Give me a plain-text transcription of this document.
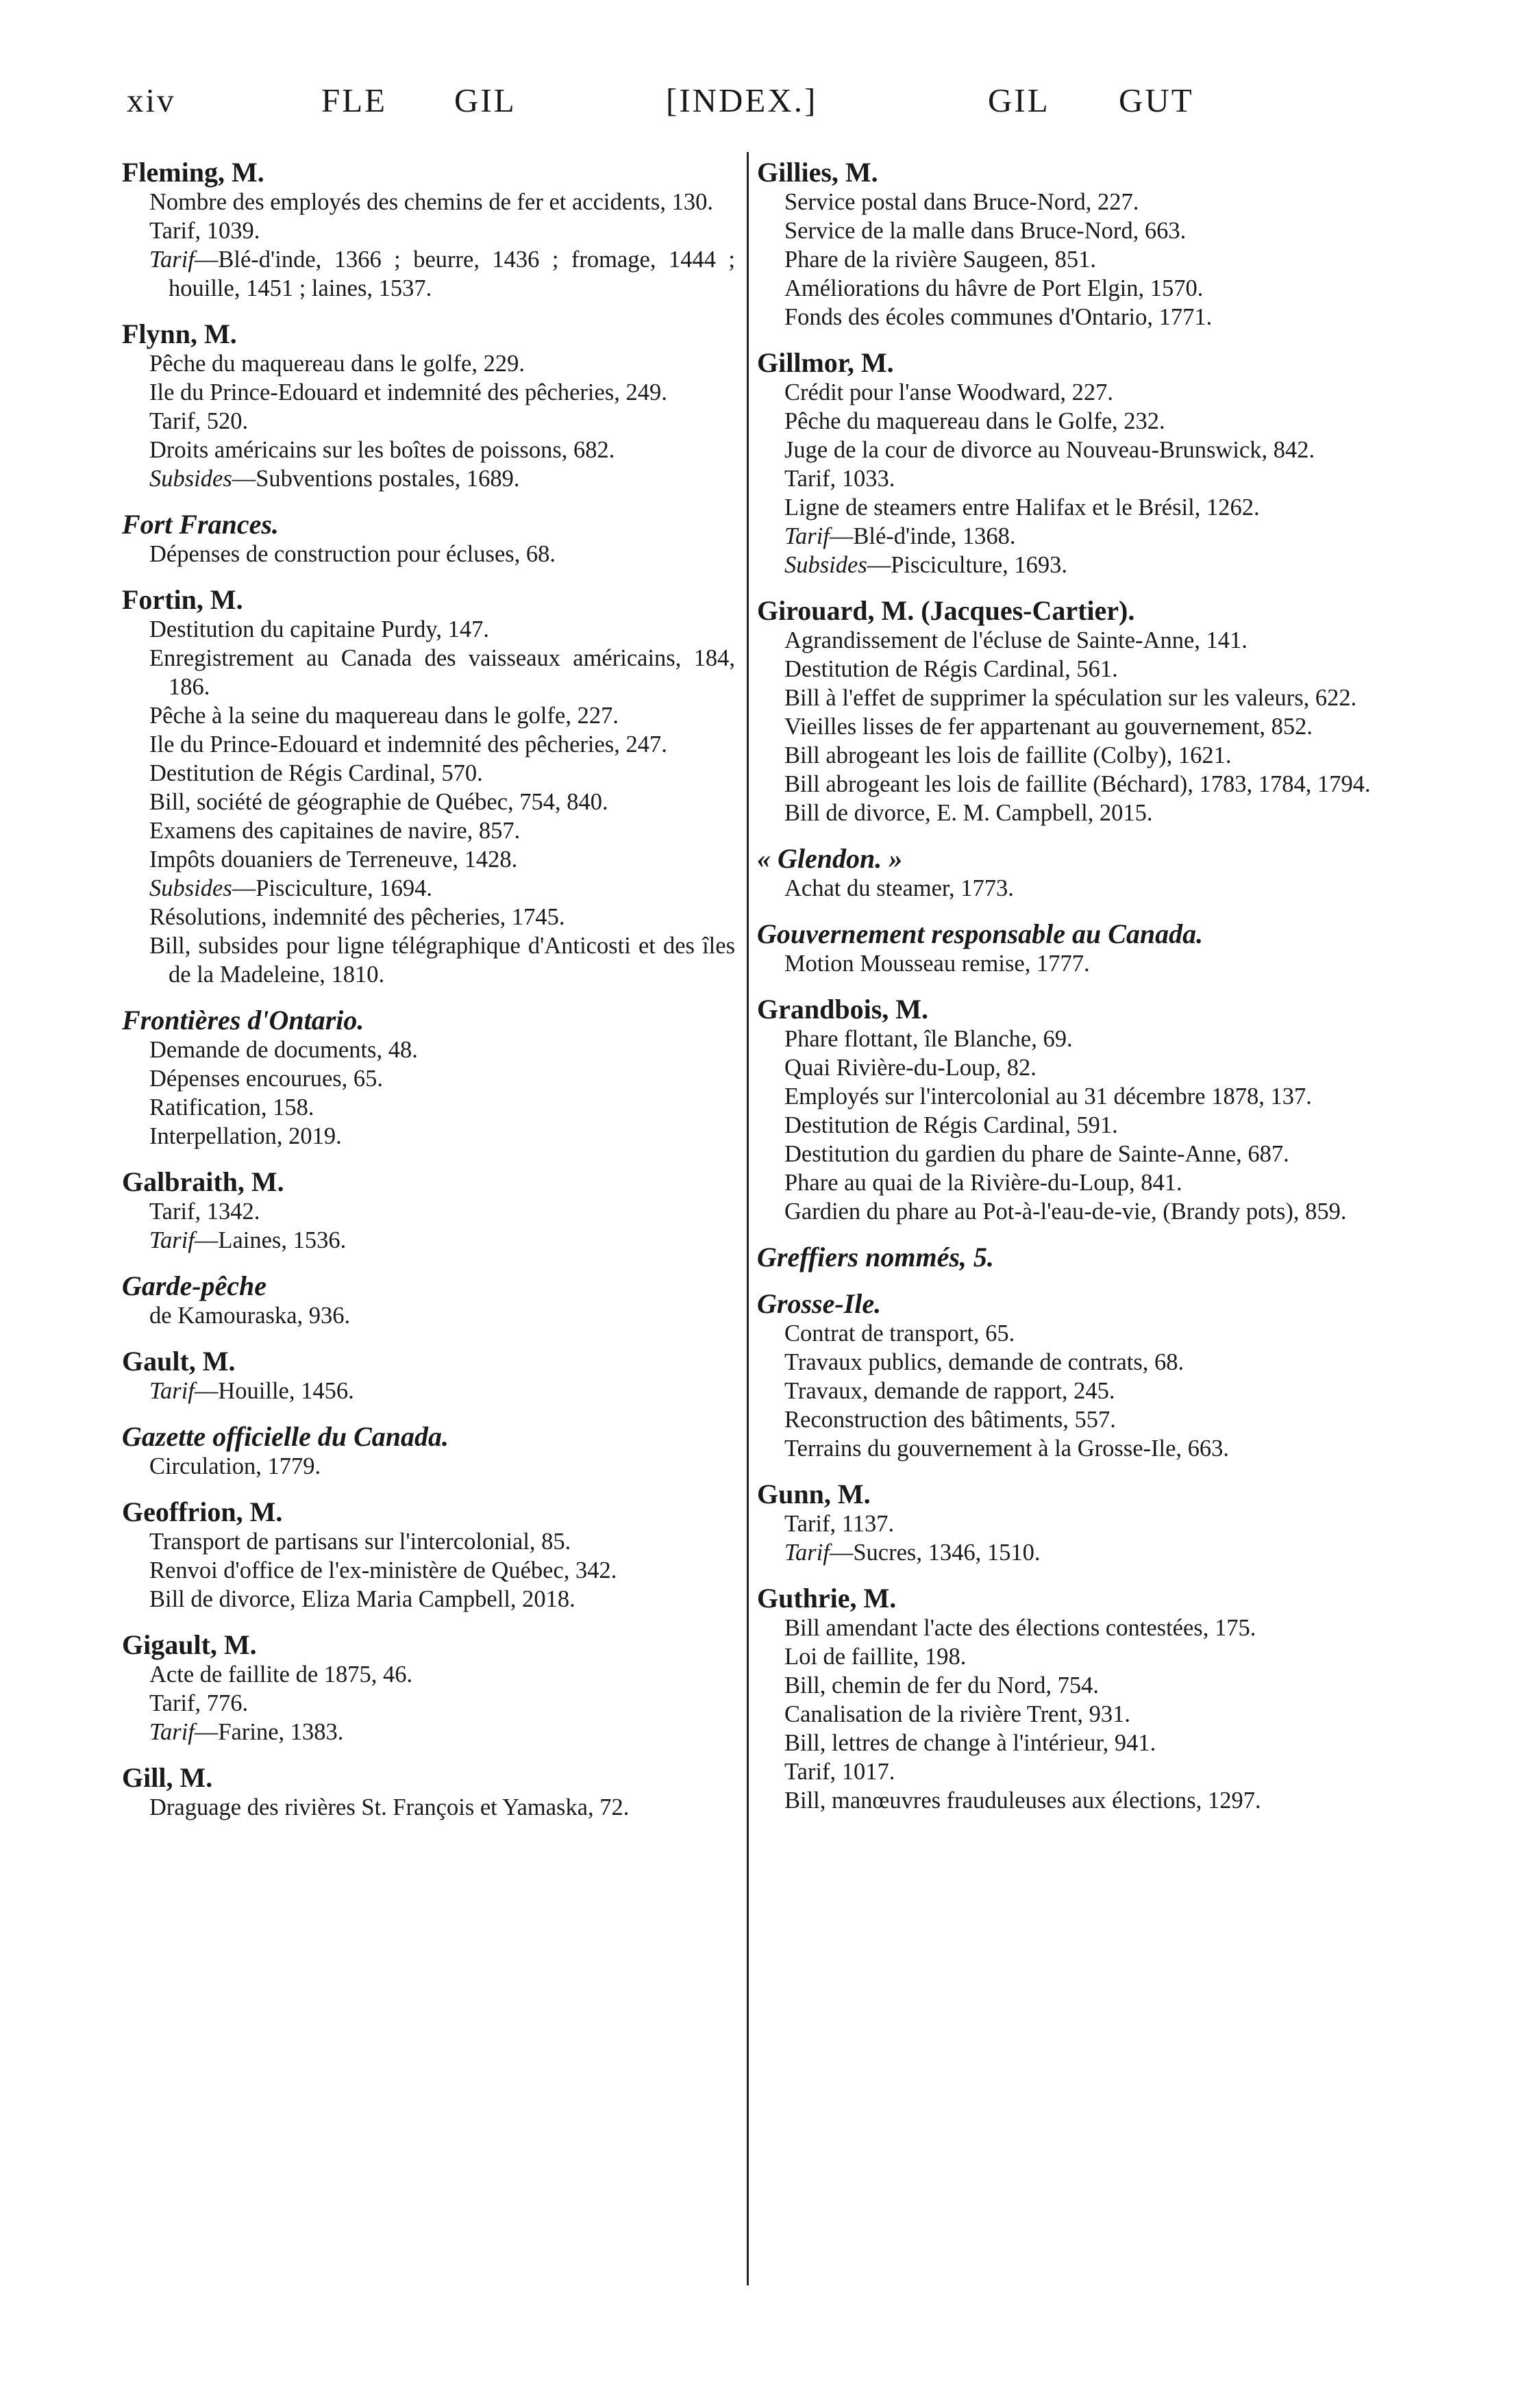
xiv	FLE GIL	[INDEX.]	GIL GUT
Fleming, M.
Nombre des employés des chemins de fer et accidents, 130.
Tarif, 1039.
Tarif—Blé-d'inde, 1366 ; beurre, 1436 ; fromage, 1444 ; houille, 1451 ; laines, 1537.
Flynn, M.
Pêche du maquereau dans le golfe, 229.
Ile du Prince-Edouard et indemnité des pêcheries, 249.
Tarif, 520.
Droits américains sur les boîtes de poissons, 682.
Subsides—Subventions postales, 1689.
Fort Frances.
Dépenses de construction pour écluses, 68.
Fortin, M.
Destitution du capitaine Purdy, 147.
Enregistrement au Canada des vaisseaux américains, 184, 186.
Pêche à la seine du maquereau dans le golfe, 227.
Ile du Prince-Edouard et indemnité des pêcheries, 247.
Destitution de Régis Cardinal, 570.
Bill, société de géographie de Québec, 754, 840.
Examens des capitaines de navire, 857.
Impôts douaniers de Terreneuve, 1428.
Subsides—Pisciculture, 1694.
Résolutions, indemnité des pêcheries, 1745.
Bill, subsides pour ligne télégraphique d'Anticosti et des îles de la Madeleine, 1810.
Frontières d'Ontario.
Demande de documents, 48.
Dépenses encourues, 65.
Ratification, 158.
Interpellation, 2019.
Galbraith, M.
Tarif, 1342.
Tarif—Laines, 1536.
Garde-pêche
de Kamouraska, 936.
Gault, M.
Tarif—Houille, 1456.
Gazette officielle du Canada.
Circulation, 1779.
Geoffrion, M.
Transport de partisans sur l'intercolonial, 85.
Renvoi d'office de l'ex-ministère de Québec, 342.
Bill de divorce, Eliza Maria Campbell, 2018.
Gigault, M.
Acte de faillite de 1875, 46.
Tarif, 776.
Tarif—Farine, 1383.
Gill, M.
Draguage des rivières St. François et Yamaska, 72.
Gillies, M.
Service postal dans Bruce-Nord, 227.
Service de la malle dans Bruce-Nord, 663.
Phare de la rivière Saugeen, 851.
Améliorations du hâvre de Port Elgin, 1570.
Fonds des écoles communes d'Ontario, 1771.
Gillmor, M.
Crédit pour l'anse Woodward, 227.
Pêche du maquereau dans le Golfe, 232.
Juge de la cour de divorce au Nouveau-Brunswick, 842.
Tarif, 1033.
Ligne de steamers entre Halifax et le Brésil, 1262.
Tarif—Blé-d'inde, 1368.
Subsides—Pisciculture, 1693.
Girouard, M. (Jacques-Cartier).
Agrandissement de l'écluse de Sainte-Anne, 141.
Destitution de Régis Cardinal, 561.
Bill à l'effet de supprimer la spéculation sur les valeurs, 622.
Vieilles lisses de fer appartenant au gouvernement, 852.
Bill abrogeant les lois de faillite (Colby), 1621.
Bill abrogeant les lois de faillite (Béchard), 1783, 1784, 1794.
Bill de divorce, E. M. Campbell, 2015.
« Glendon. »
Achat du steamer, 1773.
Gouvernement responsable au Canada.
Motion Mousseau remise, 1777.
Grandbois, M.
Phare flottant, île Blanche, 69.
Quai Rivière-du-Loup, 82.
Employés sur l'intercolonial au 31 décembre 1878, 137.
Destitution de Régis Cardinal, 591.
Destitution du gardien du phare de Sainte-Anne, 687.
Phare au quai de la Rivière-du-Loup, 841.
Gardien du phare au Pot-à-l'eau-de-vie, (Brandy pots), 859.
Greffiers nommés, 5.
Grosse-Ile.
Contrat de transport, 65.
Travaux publics, demande de contrats, 68.
Travaux, demande de rapport, 245.
Reconstruction des bâtiments, 557.
Terrains du gouvernement à la Grosse-Ile, 663.
Gunn, M.
Tarif, 1137.
Tarif—Sucres, 1346, 1510.
Guthrie, M.
Bill amendant l'acte des élections contestées, 175.
Loi de faillite, 198.
Bill, chemin de fer du Nord, 754.
Canalisation de la rivière Trent, 931.
Bill, lettres de change à l'intérieur, 941.
Tarif, 1017.
Bill, manœuvres frauduleuses aux élections, 1297.
